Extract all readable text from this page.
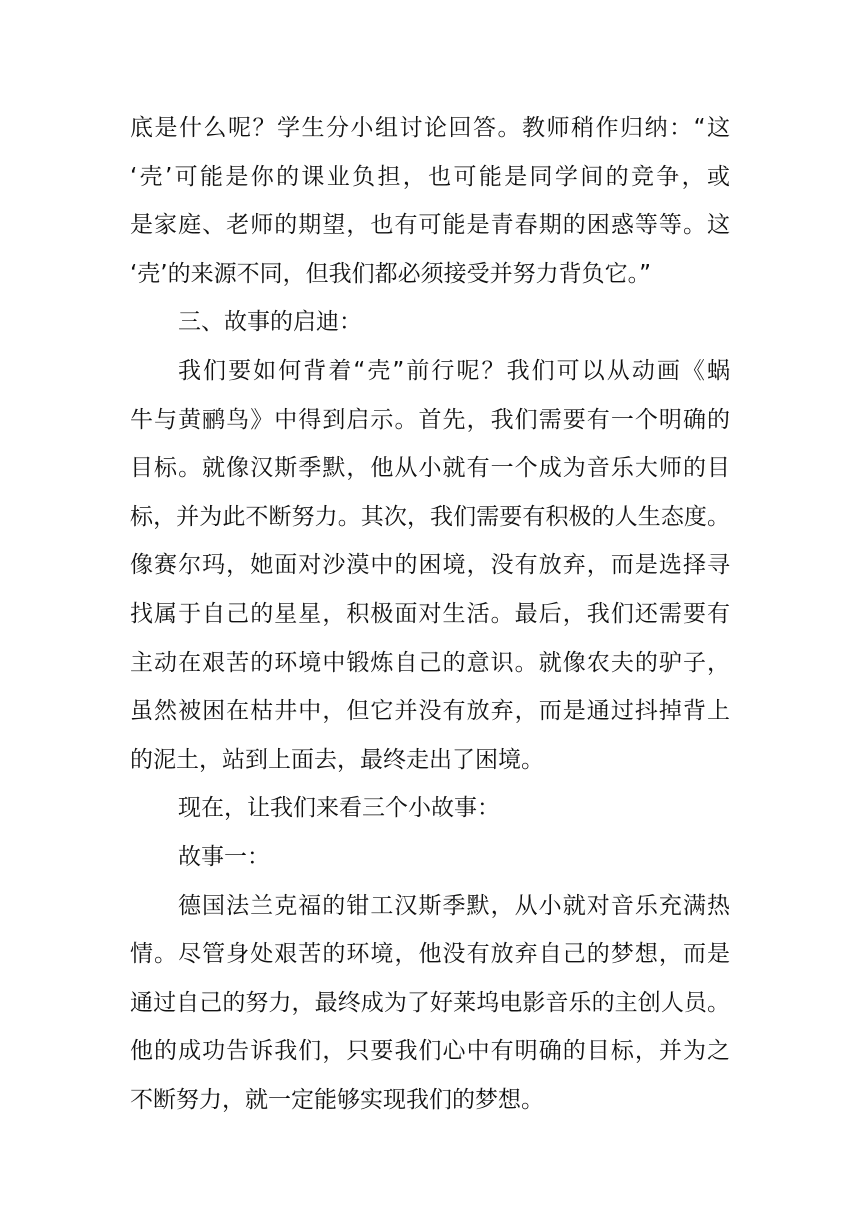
底是什么呢？学生分小组讨论回答。教师稍作归纳：“这
‘壳’可能是你的课业负担，也可能是同学间的竞争，或
是家庭、老师的期望，也有可能是青春期的困惑等等。这
‘壳’的来源不同，但我们都必须接受并努力背负它。”
三、故事的启迪：
我们要如何背着“壳”前行呢？我们可以从动画《蜗
牛与黄鹂鸟》中得到启示。首先，我们需要有一个明确的
目标。就像汉斯季默，他从小就有一个成为音乐大师的目
标，并为此不断努力。其次，我们需要有积极的人生态度。
像赛尔玛，她面对沙漠中的困境，没有放弃，而是选择寻
找属于自己的星星，积极面对生活。最后，我们还需要有
主动在艰苦的环境中锻炼自己的意识。就像农夫的驴子，
虽然被困在枯井中，但它并没有放弃，而是通过抖掉背上
的泥土，站到上面去，最终走出了困境。
现在，让我们来看三个小故事：
故事一：
德国法兰克福的钳工汉斯季默，从小就对音乐充满热
情。尽管身处艰苦的环境，他没有放弃自己的梦想，而是
通过自己的努力，最终成为了好莱坞电影音乐的主创人员。
他的成功告诉我们，只要我们心中有明确的目标，并为之
不断努力，就一定能够实现我们的梦想。
